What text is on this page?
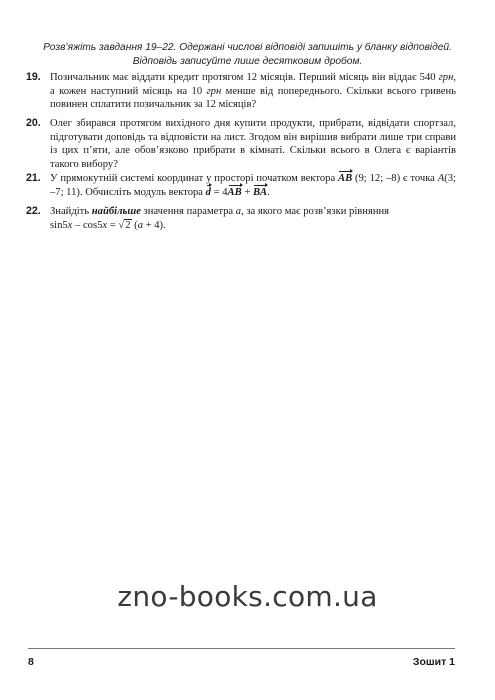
Розв’яжіть завдання 19–22. Одержані числові відповіді запишіть у бланку відповідей.
Відповідь записуйте лише десятковим дробом.
19. Позичальник має віддати кредит протягом 12 місяців. Перший місяць він віддає 540 грн, а кожен наступний місяць на 10 грн менше від попереднього. Скільки всього гривень повинен сплатити позичальник за 12 місяців?
20. Олег збирався протягом вихідного дня купити продукти, прибрати, відвідати спортзал, підготувати доповідь та відповісти на лист. Згодом він вирішив вибрати лише три справи із цих п’яти, але обов’язково прибрати в кімнаті. Скільки всього в Олега є варіантів такого вибору?
21. У прямокутній системі координат у просторі початком вектора AB (9; 12; –8) є точка A(3; –7; 11). Обчисліть модуль вектора d = 4AB + BA.
22. Знайдіть найбільше значення параметра a, за якого має розв’язки рівняння
sin5x – cos5x = √2 (a + 4).
zno-books.com.ua
8	Зошит 1
